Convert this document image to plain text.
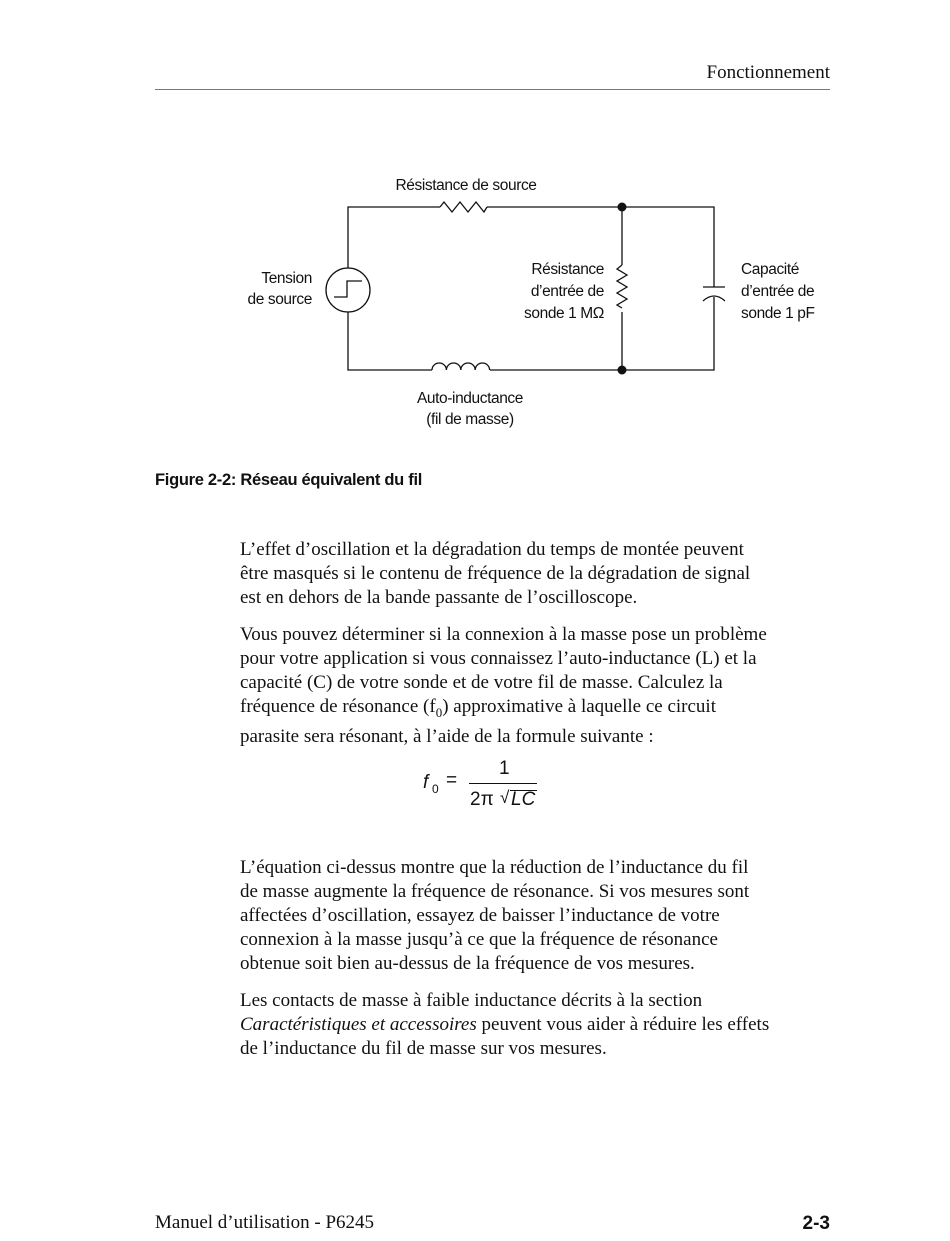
Fonctionnement
Résistance de source
Tension
de source
Résistance
d’entrée de
sonde 1 MΩ
Capacité
d’entrée de
sonde 1 pF
Auto-inductance
(fil de masse)
Figure 2-2: Réseau équivalent du fil
L’effet d’oscillation et la dégradation du temps de montée peuvent
être masqués si le contenu de fréquence de la dégradation de signal
est en dehors de la bande passante de l’oscilloscope.
Vous pouvez déterminer si la connexion à la masse pose un problème
pour votre application si vous connaissez l’auto-inductance (L) et la
capacité (C) de votre sonde et de votre fil de masse. Calculez la
fréquence de résonance $(f_0)$ approximative à laquelle ce circuit
parasite sera résonant, à l’aide de la formule suivante :
f 0 =
1
2π √ LC
L’équation ci-dessus montre que la réduction de l’inductance du fil
de masse augmente la fréquence de résonance. Si vos mesures sont
affectées d’oscillation, essayez de baisser l’inductance de votre
connexion à la masse jusqu’à ce que la fréquence de résonance
obtenue soit bien au-dessus de la fréquence de vos mesures.
Les contacts de masse à faible inductance décrits à la section
Caractéristiques et accessoires peuvent vous aider à réduire les effets
de l’inductance du fil de masse sur vos mesures.
Manuel d’utilisation - P6245	2-3
